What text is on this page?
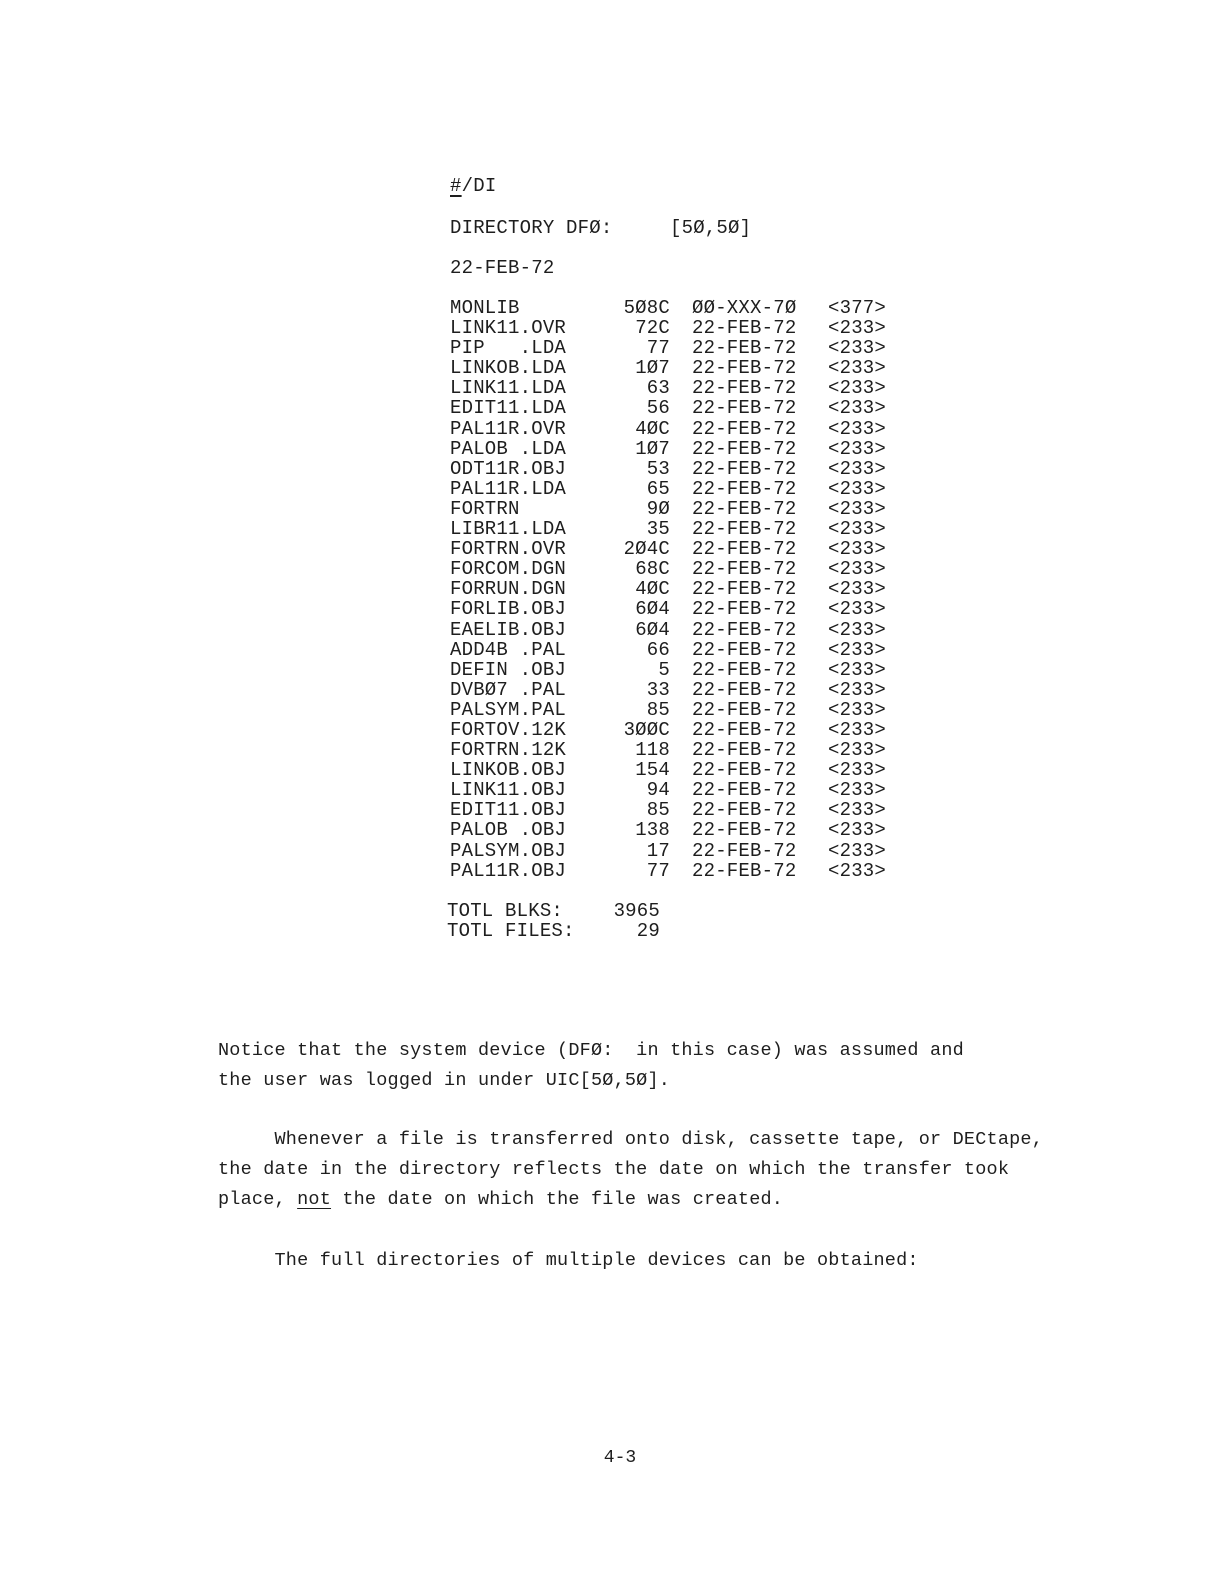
#/DI
DIRECTORY DFØ:	[5Ø,5Ø]
22-FEB-72
MONLIB	5Ø8C	ØØ-XXX-7Ø	<377>
LINK11.OVR	72C	22-FEB-72	<233>
PIP   .LDA	77	22-FEB-72	<233>
LINKOB.LDA	1Ø7	22-FEB-72	<233>
LINK11.LDA	63	22-FEB-72	<233>
EDIT11.LDA	56	22-FEB-72	<233>
PAL11R.OVR	4ØC	22-FEB-72	<233>
PALOB .LDA	1Ø7	22-FEB-72	<233>
ODT11R.OBJ	53	22-FEB-72	<233>
PAL11R.LDA	65	22-FEB-72	<233>
FORTRN	9Ø	22-FEB-72	<233>
LIBR11.LDA	35	22-FEB-72	<233>
FORTRN.OVR	2Ø4C	22-FEB-72	<233>
FORCOM.DGN	68C	22-FEB-72	<233>
FORRUN.DGN	4ØC	22-FEB-72	<233>
FORLIB.OBJ	6Ø4	22-FEB-72	<233>
EAELIB.OBJ	6Ø4	22-FEB-72	<233>
ADD4B .PAL	66	22-FEB-72	<233>
DEFIN .OBJ	5	22-FEB-72	<233>
DVBØ7 .PAL	33	22-FEB-72	<233>
PALSYM.PAL	85	22-FEB-72	<233>
FORTOV.12K	3ØØC	22-FEB-72	<233>
FORTRN.12K	118	22-FEB-72	<233>
LINKOB.OBJ	154	22-FEB-72	<233>
LINK11.OBJ	94	22-FEB-72	<233>
EDIT11.OBJ	85	22-FEB-72	<233>
PALOB .OBJ	138	22-FEB-72	<233>
PALSYM.OBJ	17	22-FEB-72	<233>
PAL11R.OBJ	77	22-FEB-72	<233>
TOTL BLKS:	3965
TOTL FILES:	29
Notice that the system device (DFØ:  in this case) was assumed and
the user was logged in under UIC[5Ø,5Ø].
Whenever a file is transferred onto disk, cassette tape, or DECtape,
the date in the directory reflects the date on which the transfer took
place, not the date on which the file was created.
The full directories of multiple devices can be obtained:
4-3
